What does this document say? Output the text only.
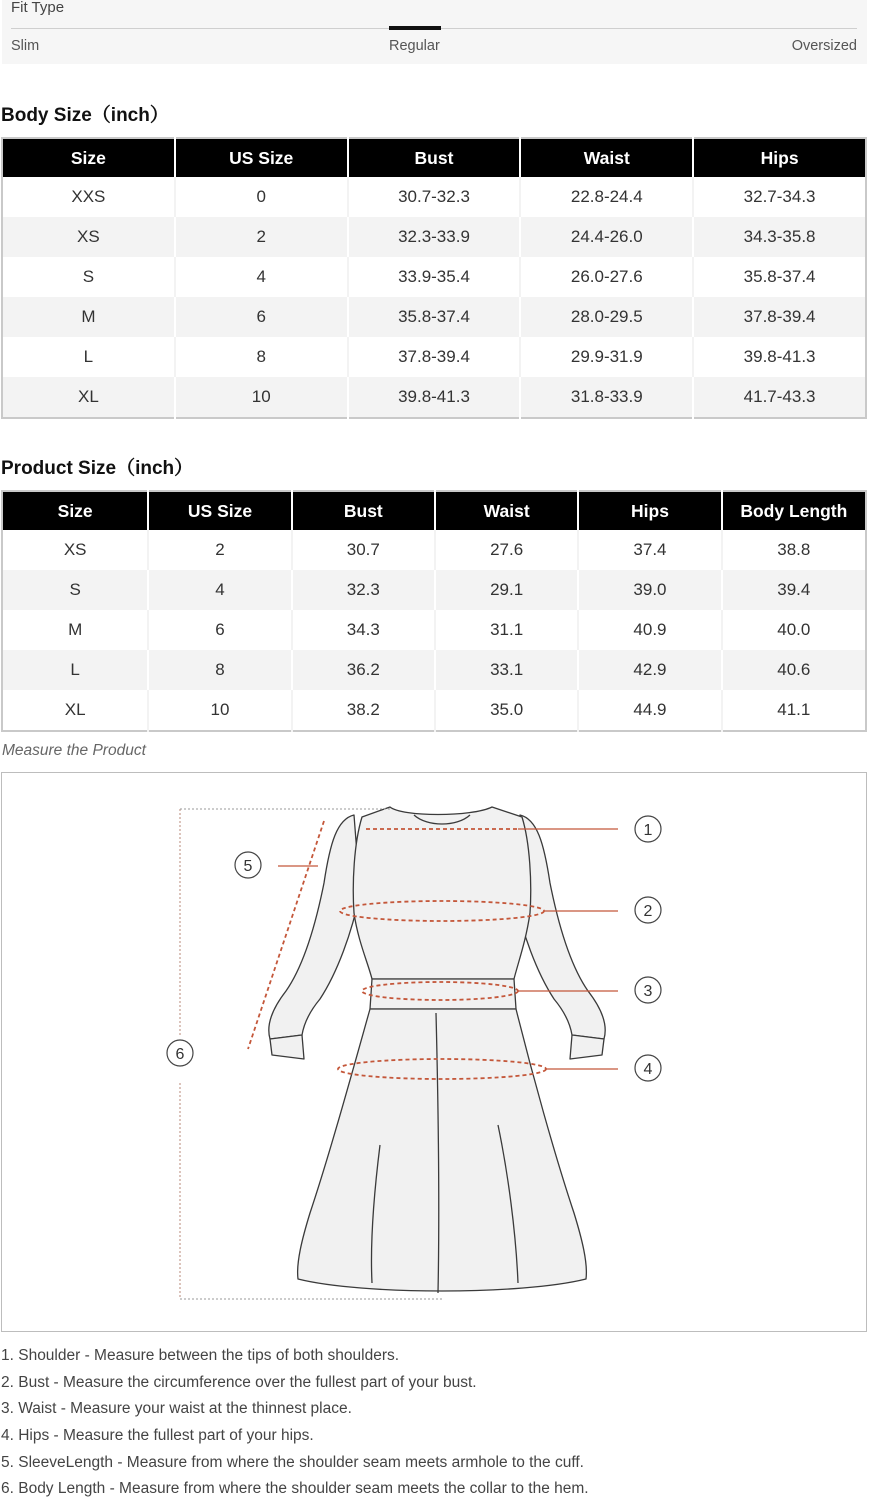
Fit Type
Slim	Regular	Oversized
Body Size（inch）
Size	US Size	Bust	Waist	Hips
XXS	0	30.7-32.3	22.8-24.4	32.7-34.3
XS	2	32.3-33.9	24.4-26.0	34.3-35.8
S	4	33.9-35.4	26.0-27.6	35.8-37.4
M	6	35.8-37.4	28.0-29.5	37.8-39.4
L	8	37.8-39.4	29.9-31.9	39.8-41.3
XL	10	39.8-41.3	31.8-33.9	41.7-43.3
Product Size（inch）
Size	US Size	Bust	Waist	Hips	Body Length
XS	2	30.7	27.6	37.4	38.8
S	4	32.3	29.1	39.0	39.4
M	6	34.3	31.1	40.9	40.0
L	8	36.2	33.1	42.9	40.6
XL	10	38.2	35.0	44.9	41.1
Measure the Product
1
2
3
4
5
6
1. Shoulder - Measure between the tips of both shoulders.
2. Bust - Measure the circumference over the fullest part of your bust.
3. Waist - Measure your waist at the thinnest place.
4. Hips - Measure the fullest part of your hips.
5. SleeveLength - Measure from where the shoulder seam meets armhole to the cuff.
6. Body Length - Measure from where the shoulder seam meets the collar to the hem.
